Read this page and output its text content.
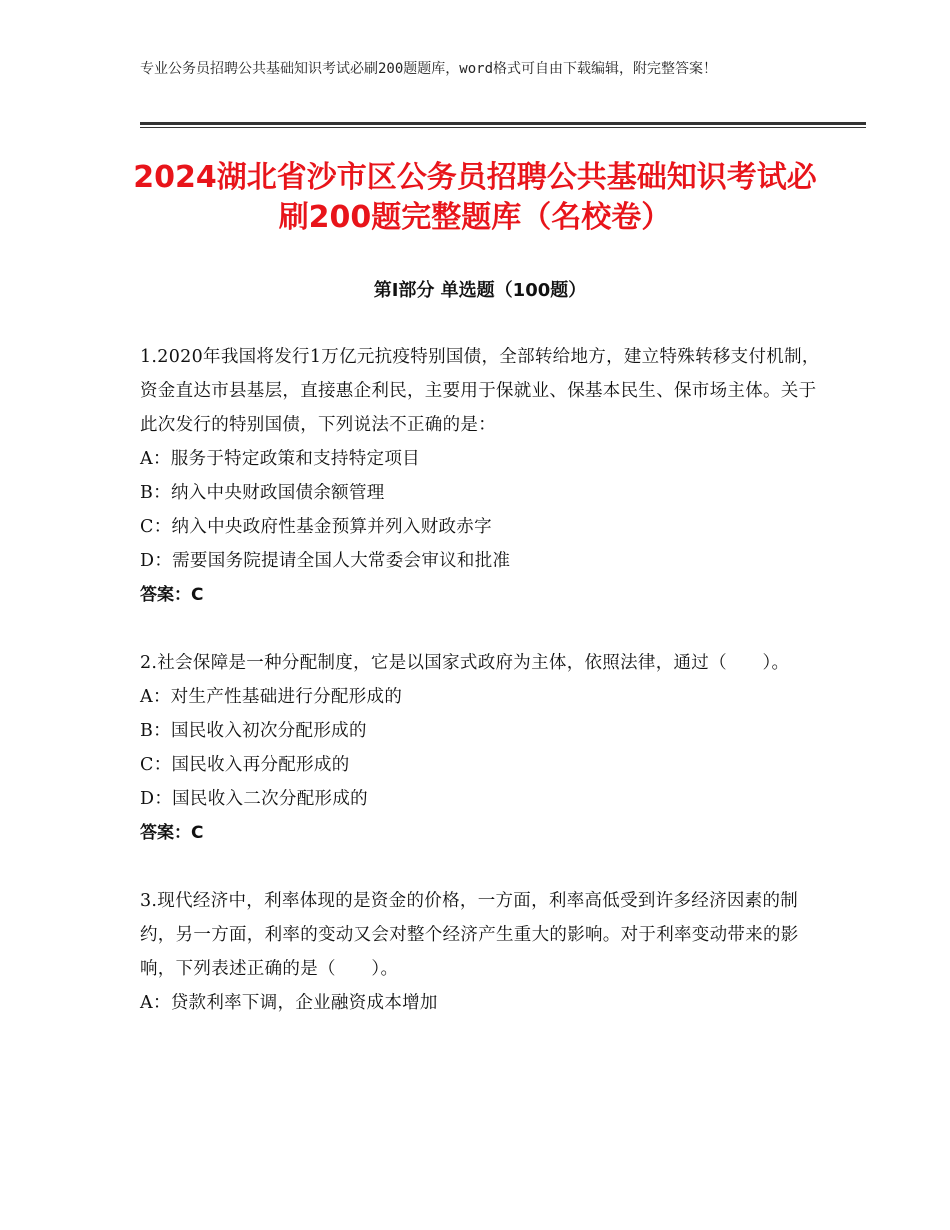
专业公务员招聘公共基础知识考试必刷200题题库，word格式可自由下载编辑，附完整答案！
2024湖北省沙市区公务员招聘公共基础知识考试必刷200题完整题库（名校卷）
第I部分 单选题（100题）
1.2020年我国将发行1万亿元抗疫特别国债，全部转给地方，建立特殊转移支付机制，资金直达市县基层，直接惠企利民，主要用于保就业、保基本民生、保市场主体。关于此次发行的特别国债，下列说法不正确的是：
A：服务于特定政策和支持特定项目
B：纳入中央财政国债余额管理
C：纳入中央政府性基金预算并列入财政赤字
D：需要国务院提请全国人大常委会审议和批准
答案：C
2.社会保障是一种分配制度，它是以国家式政府为主体，依照法律，通过（　　）。
A：对生产性基础进行分配形成的
B：国民收入初次分配形成的
C：国民收入再分配形成的
D：国民收入二次分配形成的
答案：C
3.现代经济中，利率体现的是资金的价格，一方面，利率高低受到许多经济因素的制约，另一方面，利率的变动又会对整个经济产生重大的影响。对于利率变动带来的影响，下列表述正确的是（　　）。
A：贷款利率下调，企业融资成本增加
